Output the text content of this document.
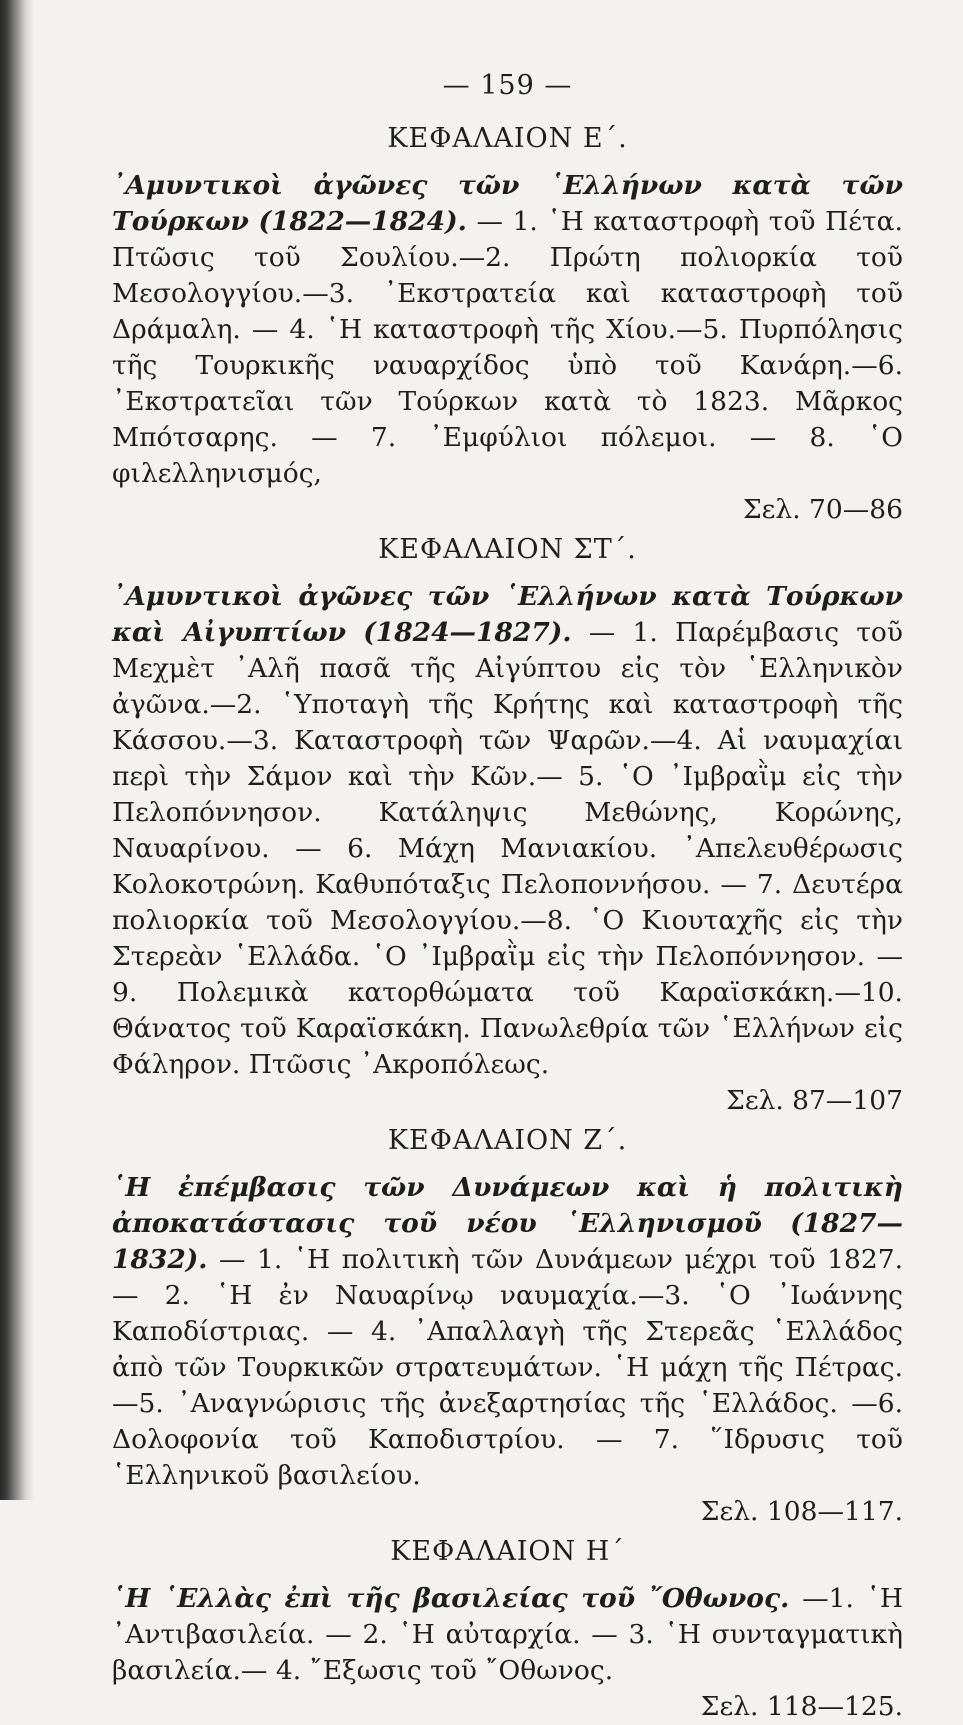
— 159 —
ΚΕΦΑΛΑΙΟΝ Ε΄.

᾿Αμυντικοὶ ἀγῶνες τῶν ῾Ελλήνων κατὰ τῶν Τούρκων (1822—1824). — 1. ῾Η καταστροφὴ τοῦ Πέτα. Πτῶσις τοῦ Σουλίου.—2. Πρώτη πολιορκία τοῦ Μεσολογγίου.—3. ᾿Εκστρατεία καὶ καταστροφὴ τοῦ Δράμαλη. — 4. ῾Η καταστροφὴ τῆς Χίου.—5. Πυρπόλησις τῆς Τουρκικῆς ναυαρχίδος ὑπὸ τοῦ Κανάρη.—6. ᾿Εκστρατεῖαι τῶν Τούρκων κατὰ τὸ 1823. Μᾶρκος Μπότσαρης. — 7. ᾿Εμφύλιοι πόλεμοι. — 8. ῾Ο φιλελληνισμός,

Σελ. 70—86

ΚΕΦΑΛΑΙΟΝ ΣΤ΄.

᾿Αμυντικοὶ ἀγῶνες τῶν ῾Ελλήνων κατὰ Τούρκων καὶ Αἰγυπτίων (1824—1827). — 1. Παρέμβασις τοῦ Μεχμὲτ ᾿Αλῆ πασᾶ τῆς Αἰγύπτου εἰς τὸν ῾Ελληνικὸν ἀγῶνα.—2. ῾Υποταγὴ τῆς Κρήτης καὶ καταστροφὴ τῆς Κάσσου.—3. Καταστροφὴ τῶν Ψαρῶν.—4. Αἱ ναυμαχίαι περὶ τὴν Σάμον καὶ τὴν Κῶν.— 5. ῾Ο ᾿Ιμβραῒμ εἰς τὴν Πελοπόννησον. Κατάληψις Μεθώνης, Κορώνης, Ναυαρίνου. — 6. Μάχη Μανιακίου. ᾿Απελευθέρωσις Κολοκοτρώνη. Καθυπόταξις Πελοποννήσου. — 7. Δευτέρα πολιορκία τοῦ Μεσολογγίου.—8. ῾Ο Κιουταχῆς εἰς τὴν Στερεὰν ῾Ελλάδα. ῾Ο ᾿Ιμβραῒμ εἰς τὴν Πελοπόννησον. — 9. Πολεμικὰ κατορθώματα τοῦ Καραϊσκάκη.—10. Θάνατος τοῦ Καραϊσκάκη. Πανωλεθρία τῶν ῾Ελλήνων εἰς Φάληρον. Πτῶσις ᾿Ακροπόλεως.

Σελ. 87—107

ΚΕΦΑΛΑΙΟΝ Ζ΄.

῾Η ἐπέμβασις τῶν Δυνάμεων καὶ ἡ πολιτικὴ ἀποκατάστασις τοῦ νέου ῾Ελληνισμοῦ (1827—1832). — 1. ῾Η πολιτικὴ τῶν Δυνάμεων μέχρι τοῦ 1827. — 2. ῾Η ἐν Ναυαρίνῳ ναυμαχία.—3. ῾Ο ᾿Ιωάννης Καποδίστριας. — 4. ᾿Απαλλαγὴ τῆς Στερεᾶς ῾Ελλάδος ἀπὸ τῶν Τουρκικῶν στρατευμάτων. ῾Η μάχη τῆς Πέτρας.—5. ᾿Αναγνώρισις τῆς ἀνεξαρτησίας τῆς ῾Ελλάδος. —6. Δολοφονία τοῦ Καποδιστρίου. — 7. ῞Ιδρυσις τοῦ ῾Ελληνικοῦ βασιλείου.

Σελ. 108—117.

ΚΕΦΑΛΑΙΟΝ Η΄

῾Η ῾Ελλὰς ἐπὶ τῆς βασιλείας τοῦ ῎Οθωνος. —1. ῾Η ᾿Αντιβασιλεία. — 2. ῾Η αὐταρχία. — 3. ῾Η συνταγματικὴ βασιλεία.— 4. ῎Εξωσις τοῦ ῎Οθωνος.

Σελ. 118—125.
